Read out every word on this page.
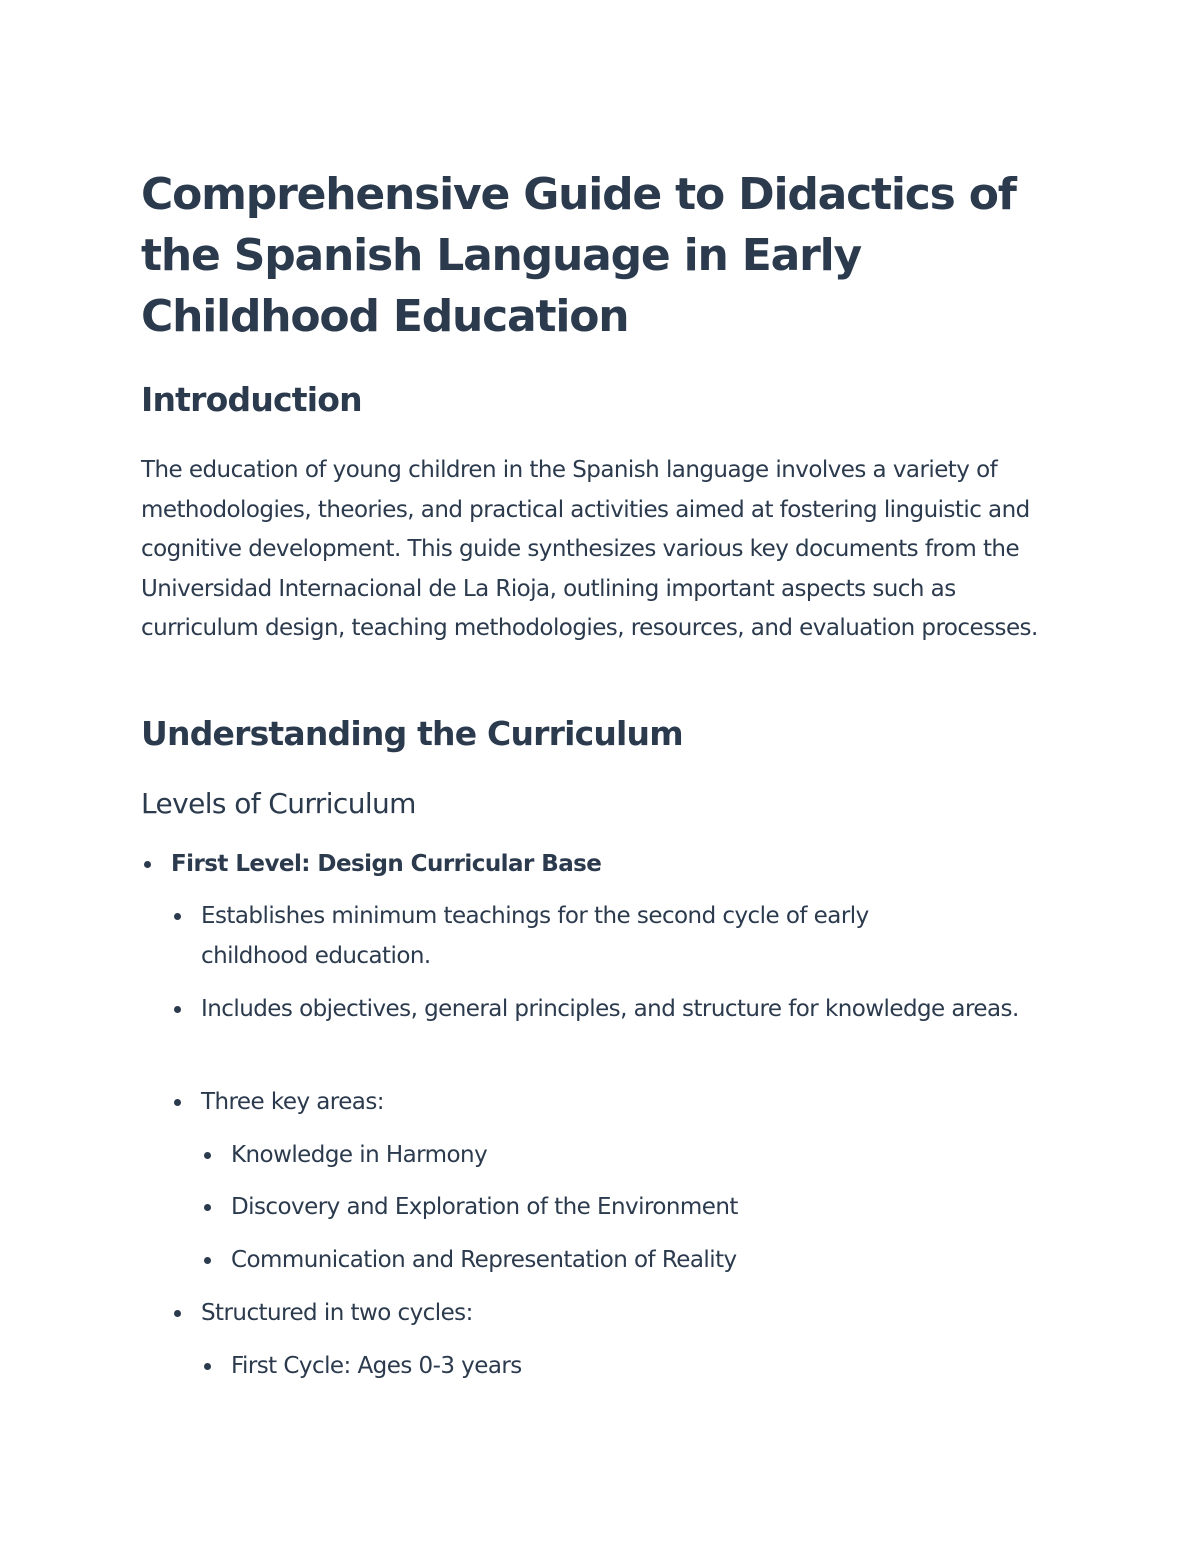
Comprehensive Guide to Didactics of the Spanish Language in Early Childhood Education
Introduction

The education of young children in the Spanish language involves a variety of methodologies, theories, and practical activities aimed at fostering linguistic and cognitive development. This guide synthesizes various key documents from the Universidad Internacional de La Rioja, outlining important aspects such as curriculum design, teaching methodologies, resources, and evaluation processes.

Understanding the Curriculum
Levels of Curriculum
First Level: Design Curricular Base
Establishes minimum teachings for the second cycle of early childhood education.
Includes objectives, general principles, and structure for knowledge areas.
Three key areas:
Knowledge in Harmony
Discovery and Exploration of the Environment
Communication and Representation of Reality
Structured in two cycles:
First Cycle: Ages 0-3 years
